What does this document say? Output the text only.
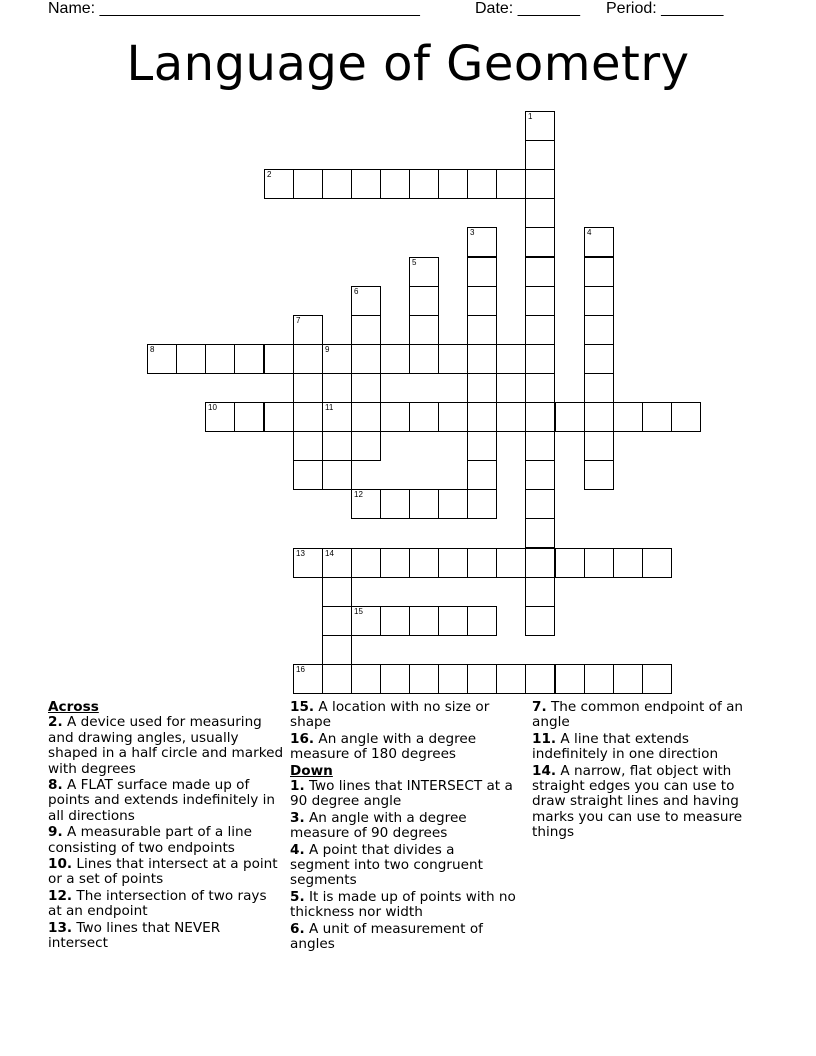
Name: ____________________________________	Date: _______ Period: _______
Language of Geometry
1
2
3	4
5
6
7
8	9
10	11
12
13	14
15
16
Across
2. A device used for measuring and drawing angles, usually shaped in a half circle and marked with degrees
8. A FLAT surface made up of points and extends indefinitely in all directions
9. A measurable part of a line consisting of two endpoints
10. Lines that intersect at a point or a set of points
12. The intersection of two rays at an endpoint
13. Two lines that NEVER intersect
15. A location with no size or shape
16. An angle with a degree measure of 180 degrees
Down
1. Two lines that INTERSECT at a 90 degree angle
3. An angle with a degree measure of 90 degrees
4. A point that divides a segment into two congruent segments
5. It is made up of points with no thickness nor width
6. A unit of measurement of angles
7. The common endpoint of an angle
11. A line that extends indefinitely in one direction
14. A narrow, flat object with straight edges you can use to draw straight lines and having marks you can use to measure things
